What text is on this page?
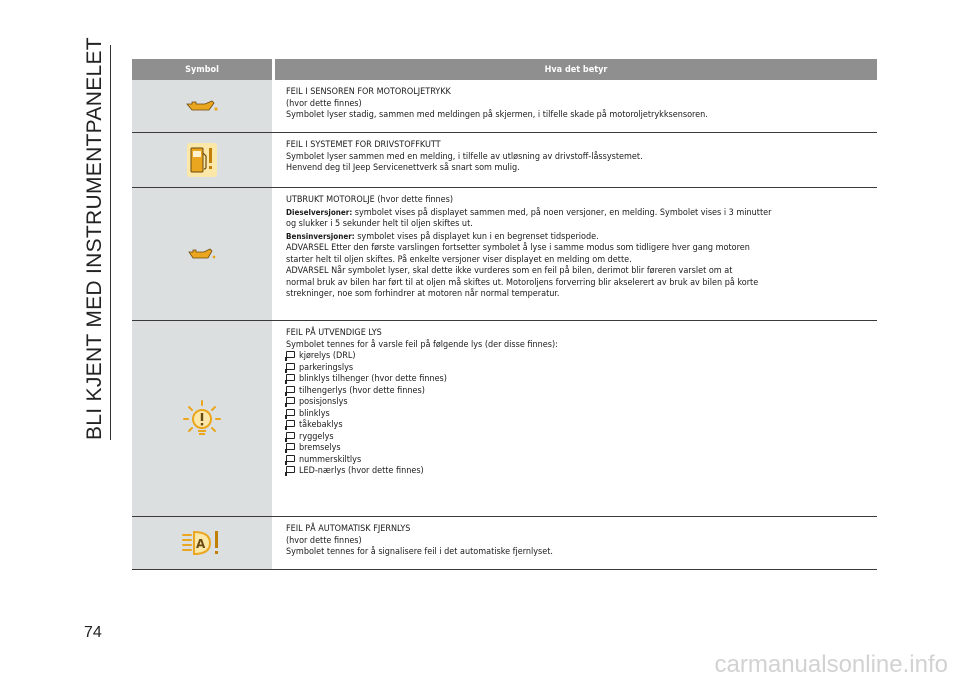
BLI KJENT MED INSTRUMENTPANELET
74
carmanualsonline.info
Symbol	Hva det betyr
FEIL I SENSOREN FOR MOTOROLJETRYKK
(hvor dette finnes)
Symbolet lyser stadig, sammen med meldingen på skjermen, i tilfelle skade på motoroljetrykksensoren.
FEIL I SYSTEMET FOR DRIVSTOFFKUTT
Symbolet lyser sammen med en melding, i tilfelle av utløsning av drivstoff-låssystemet.
Henvend deg til Jeep Servicenettverk så snart som mulig.
UTBRUKT MOTOROLJE (hvor dette finnes)
Dieselversjoner: symbolet vises på displayet sammen med, på noen versjoner, en melding. Symbolet vises i 3 minutter
og slukker i 5 sekunder helt til oljen skiftes ut.
Bensinversjoner: symbolet vises på displayet kun i en begrenset tidsperiode.
ADVARSEL Etter den første varslingen fortsetter symbolet å lyse i samme modus som tidligere hver gang motoren
starter helt til oljen skiftes. På enkelte versjoner viser displayet en melding om dette.
ADVARSEL Når symbolet lyser, skal dette ikke vurderes som en feil på bilen, derimot blir føreren varslet om at
normal bruk av bilen har ført til at oljen må skiftes ut. Motoroljens forverring blir akselerert av bruk av bilen på korte
strekninger, noe som forhindrer at motoren når normal temperatur.
FEIL PÅ UTVENDIGE LYS
Symbolet tennes for å varsle feil på følgende lys (der disse finnes):
kjørelys (DRL)
parkeringslys
blinklys tilhenger (hvor dette finnes)
tilhengerlys (hvor dette finnes)
posisjonslys
blinklys
tåkebaklys
ryggelys
bremselys
nummerskiltlys
LED-nærlys (hvor dette finnes)
A
FEIL PÅ AUTOMATISK FJERNLYS
(hvor dette finnes)
Symbolet tennes for å signalisere feil i det automatiske fjernlyset.
